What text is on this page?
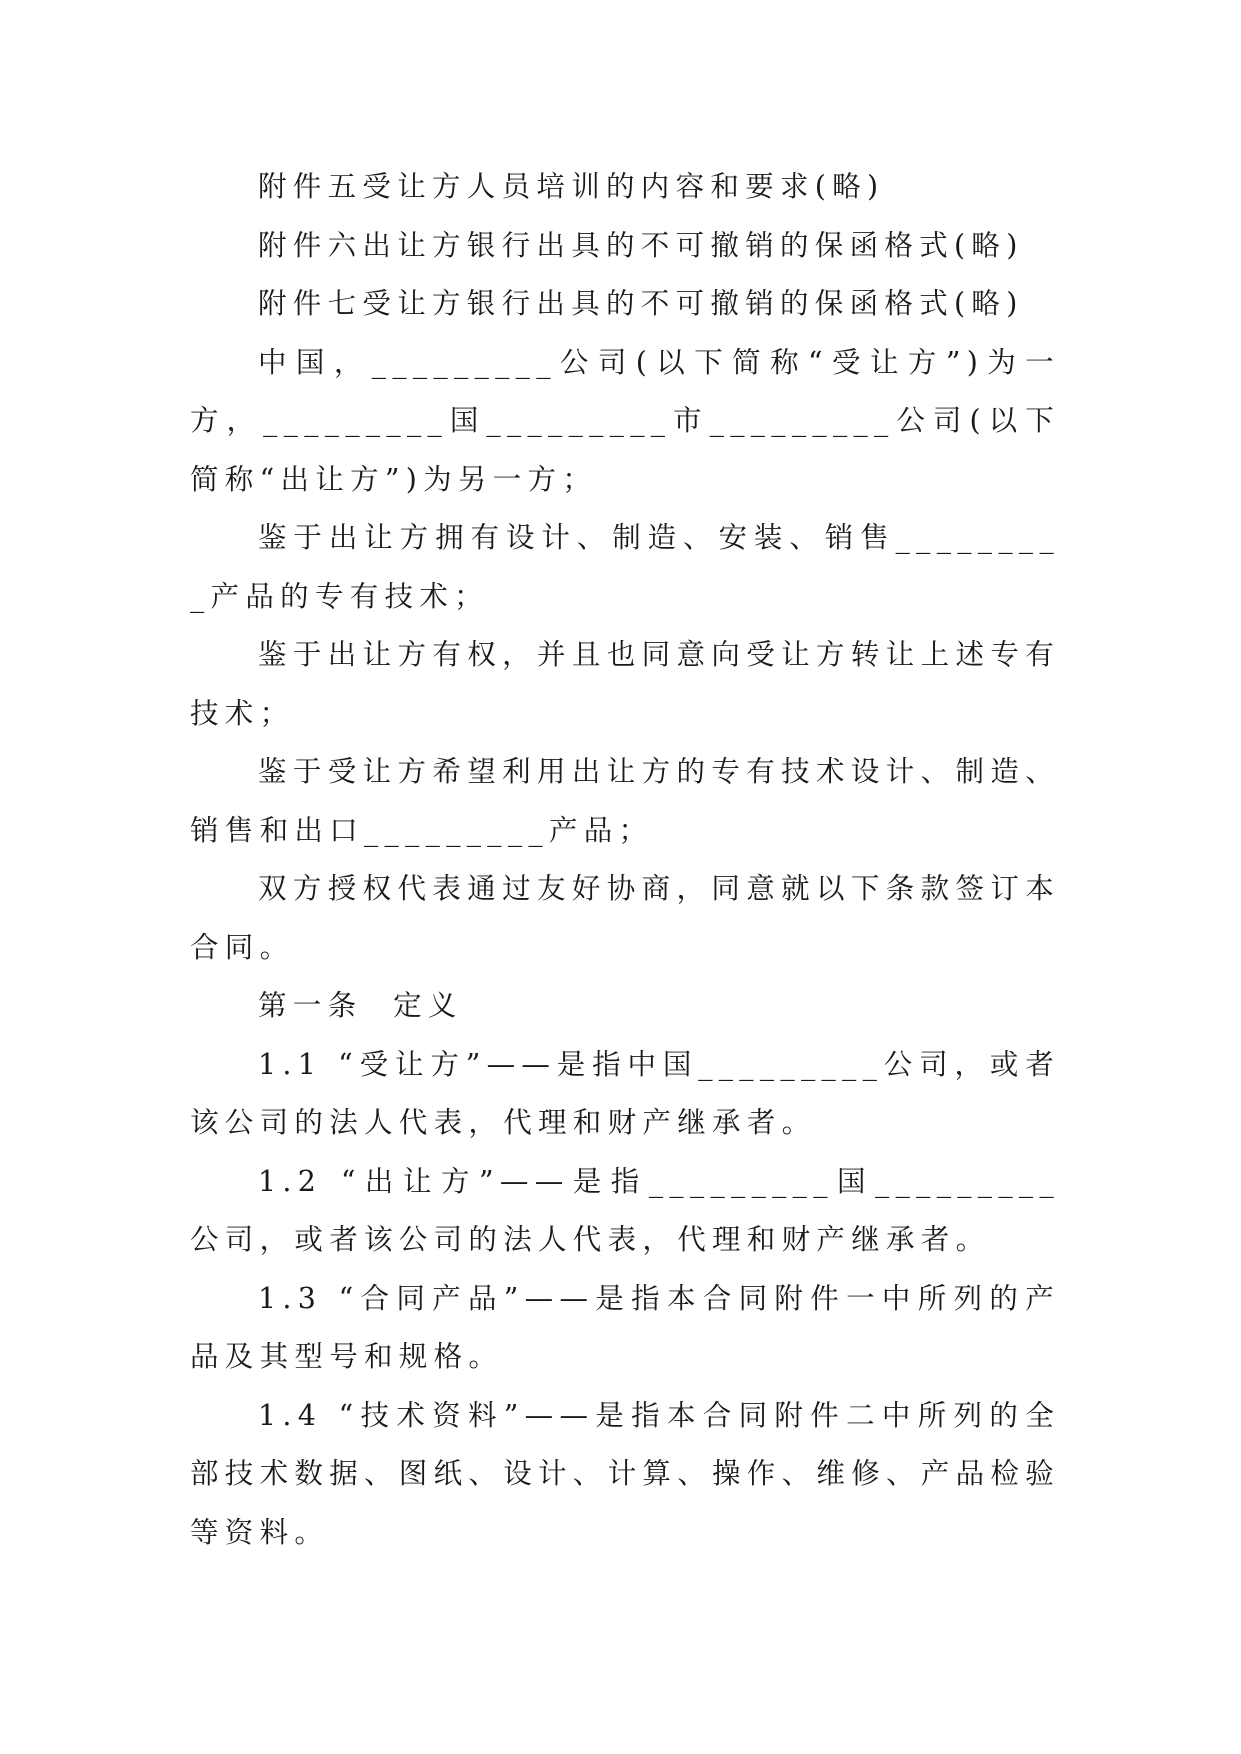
附件五受让方人员培训的内容和要求(略)

附件六出让方银行出具的不可撤销的保函格式(略)

附件七受让方银行出具的不可撤销的保函格式(略)

中国，_________公司(以下简称“受让方”)为一方，_________国_________市_________公司(以下简称“出让方”)为另一方；

鉴于出让方拥有设计、制造、安装、销售_________产品的专有技术；

鉴于出让方有权，并且也同意向受让方转让上述专有技术；

鉴于受让方希望利用出让方的专有技术设计、制造、销售和出口_________产品；

双方授权代表通过友好协商，同意就以下条款签订本合同。

第一条  定义

1.1 “受让方”——是指中国_________公司，或者该公司的法人代表，代理和财产继承者。

1.2 “出让方”——是指_________国_________公司，或者该公司的法人代表，代理和财产继承者。

1.3 “合同产品”——是指本合同附件一中所列的产品及其型号和规格。

1.4 “技术资料”——是指本合同附件二中所列的全部技术数据、图纸、设计、计算、操作、维修、产品检验等资料。
